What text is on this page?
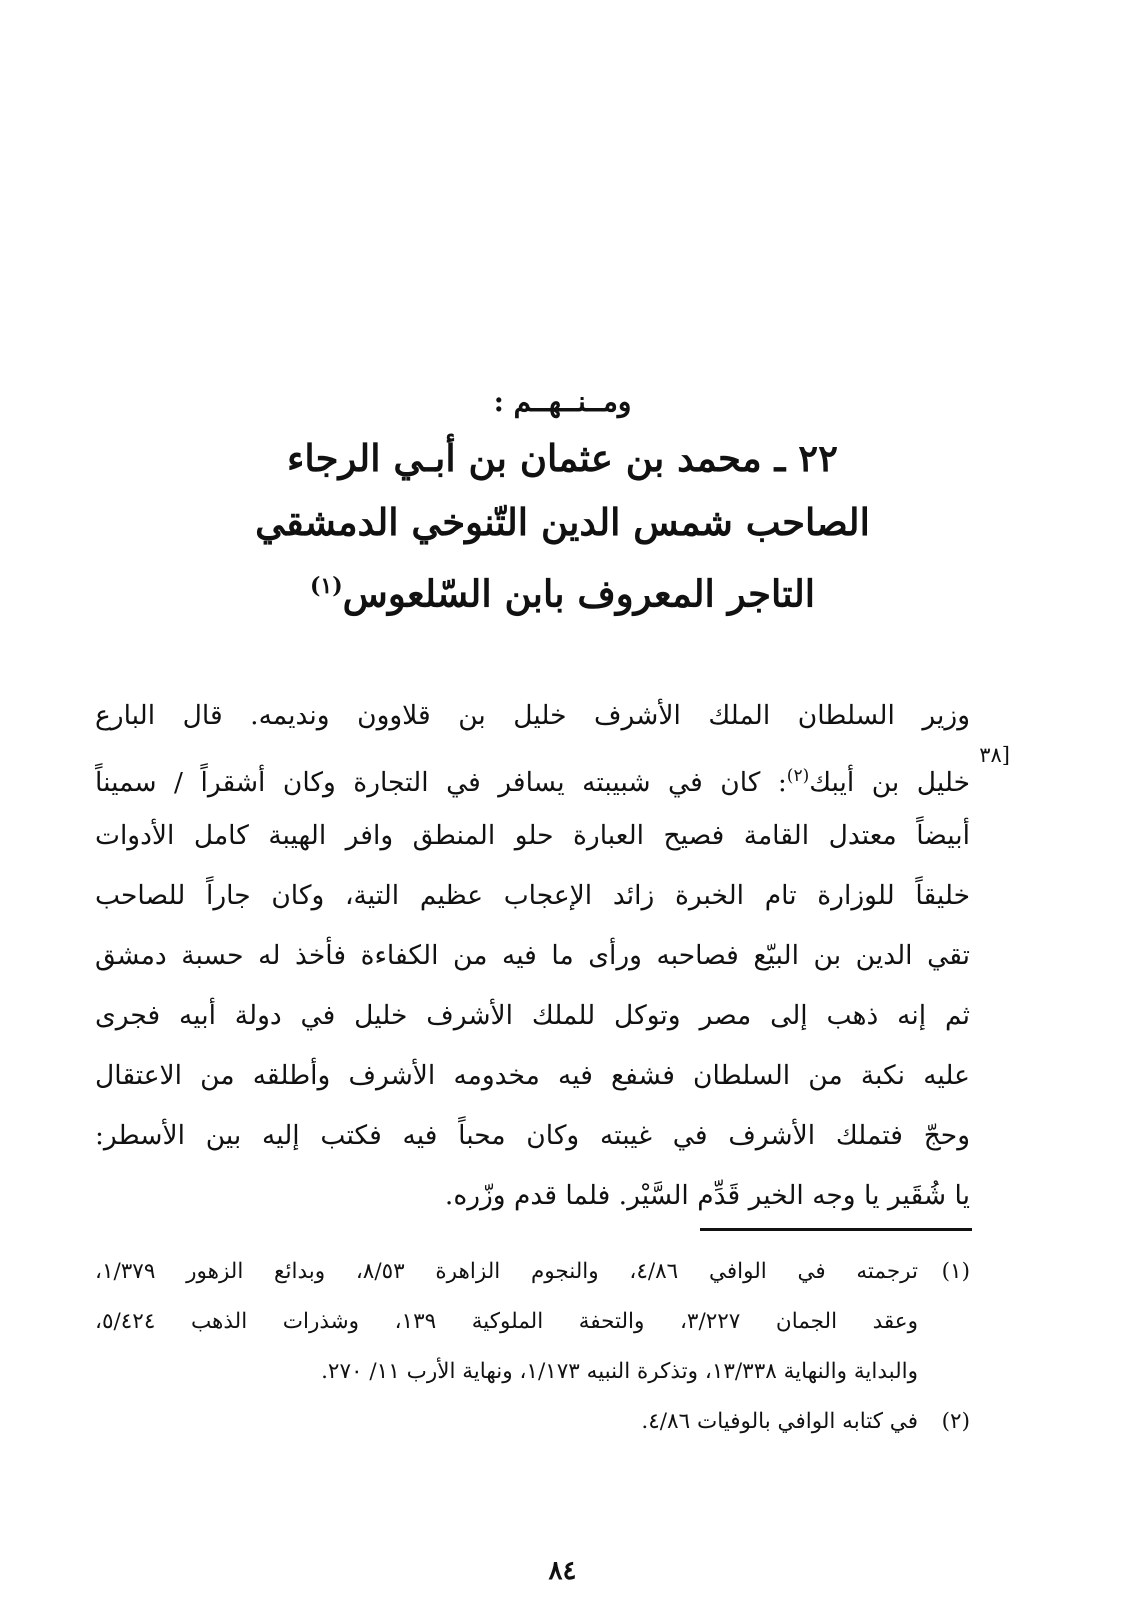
ومــنــهــم :
٢٢ ـ محمد بن عثمان بن أبـي الرجاء
الصاحب شمس الدين التّنوخي الدمشقي
التاجر المعروف بابن السّلعوس$^{(١)}$
[٣٨
وزير السلطان الملك الأشرف خليل بن قلاوون ونديمه. قال البارع
خليل بن أيبك$^{(٢)}$: كان في شبيبته يسافر في التجارة وكان أشقراً / سميناً
أبيضاً معتدل القامة فصيح العبارة حلو المنطق وافر الهيبة كامل الأدوات
خليقاً للوزارة تام الخبرة زائد الإعجاب عظيم التية، وكان جاراً للصاحب
تقي الدين بن البيّع فصاحبه ورأى ما فيه من الكفاءة فأخذ له حسبة دمشق
ثم إنه ذهب إلى مصر وتوكل للملك الأشرف خليل في دولة أبيه فجرى
عليه نكبة من السلطان فشفع فيه مخدومه الأشرف وأطلقه من الاعتقال
وحجّ فتملك الأشرف في غيبته وكان محباً فيه فكتب إليه بين الأسطر:
يا شُقَير يا وجه الخير قَدِّم السَّيْر. فلما قدم وزّره.
(١)
ترجمته في الوافي ٤/٨٦، والنجوم الزاهرة ٨/٥٣، وبدائع الزهور ١/٣٧٩،
وعقد الجمان ٣/٢٢٧، والتحفة الملوكية ١٣٩، وشذرات الذهب ٥/٤٢٤،
والبداية والنهاية ١٣/٣٣٨، وتذكرة النبيه ١/١٧٣، ونهاية الأرب ١١/ ٢٧٠.
(٢)
في كتابه الوافي بالوفيات ٤/٨٦.
٨٤
